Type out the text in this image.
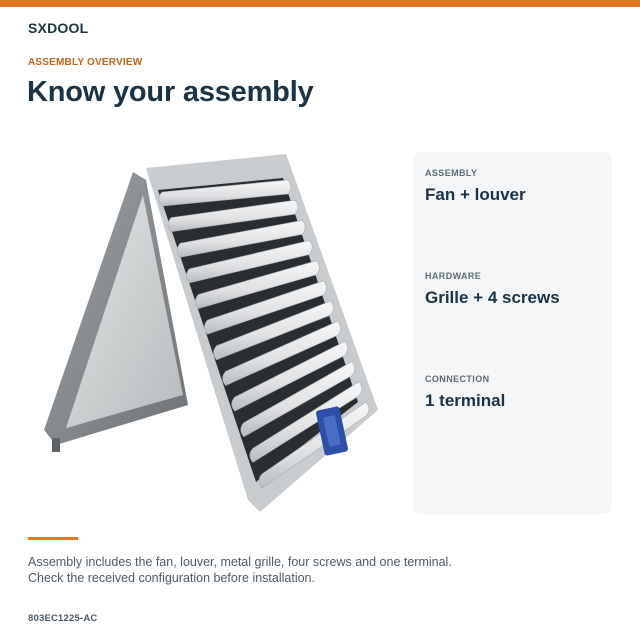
SXDOOL
ASSEMBLY OVERVIEW
Know your assembly
ASSEMBLY
Fan + louver
HARDWARE
Grille + 4 screws
CONNECTION
1 terminal
Assembly includes the fan, louver, metal grille, four screws and one terminal.
Check the received configuration before installation.
803EC1225-AC
